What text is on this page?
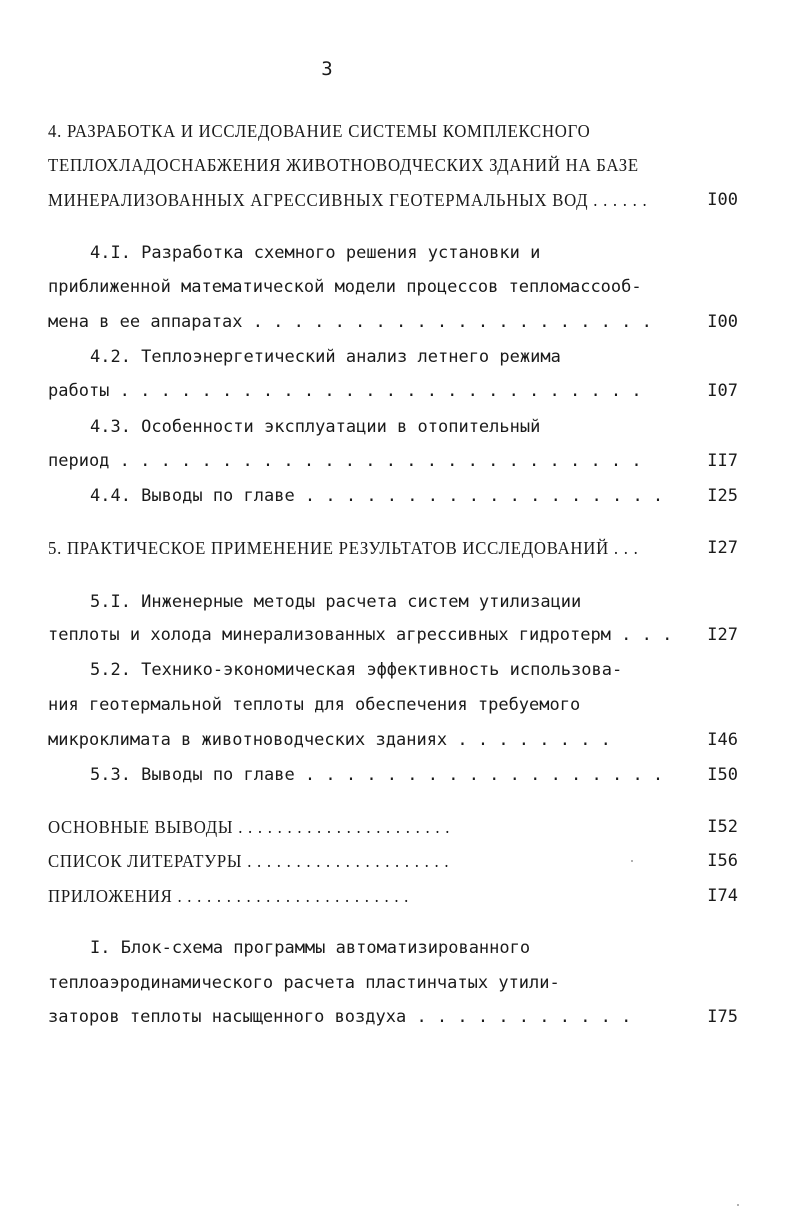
3

4. РАЗРАБОТКА И ИССЛЕДОВАНИЕ СИСТЕМЫ КОМПЛЕКСНОГО

ТЕПЛОХЛАДОСНАБЖЕНИЯ ЖИВОТНОВОДЧЕСКИХ ЗДАНИЙ НА БАЗЕ

МИНЕРАЛИЗОВАННЫХ АГРЕССИВНЫХ ГЕОТЕРМАЛЬНЫХ ВОД . . . . . .

	I00

4.I. Разработка схемного решения установки и

приближенной математической модели процессов тепломассооб-

мена в ее аппаратах . . . . . . . . . . . . . . . . . . . .

	I00

4.2. Теплоэнергетический анализ летнего режима

работы . . . . . . . . . . . . . . . . . . . . . . . . . .

	I07

4.3. Особенности эксплуатации в отопительный

период . . . . . . . . . . . . . . . . . . . . . . . . . .

	II7

4.4. Выводы по главе . . . . . . . . . . . . . . . . . .

	I25

5. ПРАКТИЧЕСКОЕ ПРИМЕНЕНИЕ РЕЗУЛЬТАТОВ ИССЛЕДОВАНИЙ . . .

	I27

5.I. Инженерные методы расчета систем утилизации

теплоты и холода минерализованных агрессивных гидротерм . . .

I27

5.2. Технико-экономическая эффективность использова-

ния геотермальной теплоты для обеспечения требуемого

микроклимата в животноводческих зданиях . . . . . . . .

	I46

5.3. Выводы по главе . . . . . . . . . . . . . . . . . .

	I50

ОСНОВНЫЕ ВЫВОДЫ . . . . . . . . . . . . . . . . . . . . . .

	I52

СПИСОК ЛИТЕРАТУРЫ . . . . . . . . . . . . . . . . . . . . .

	I56

ПРИЛОЖЕНИЯ . . . . . . . . . . . . . . . . . . . . . . . .

	I74

I. Блок-схема программы автоматизированного

теплоаэродинамического расчета пластинчатых утили-

заторов теплоты насыщенного воздуха . . . . . . . . . . .

	I75
